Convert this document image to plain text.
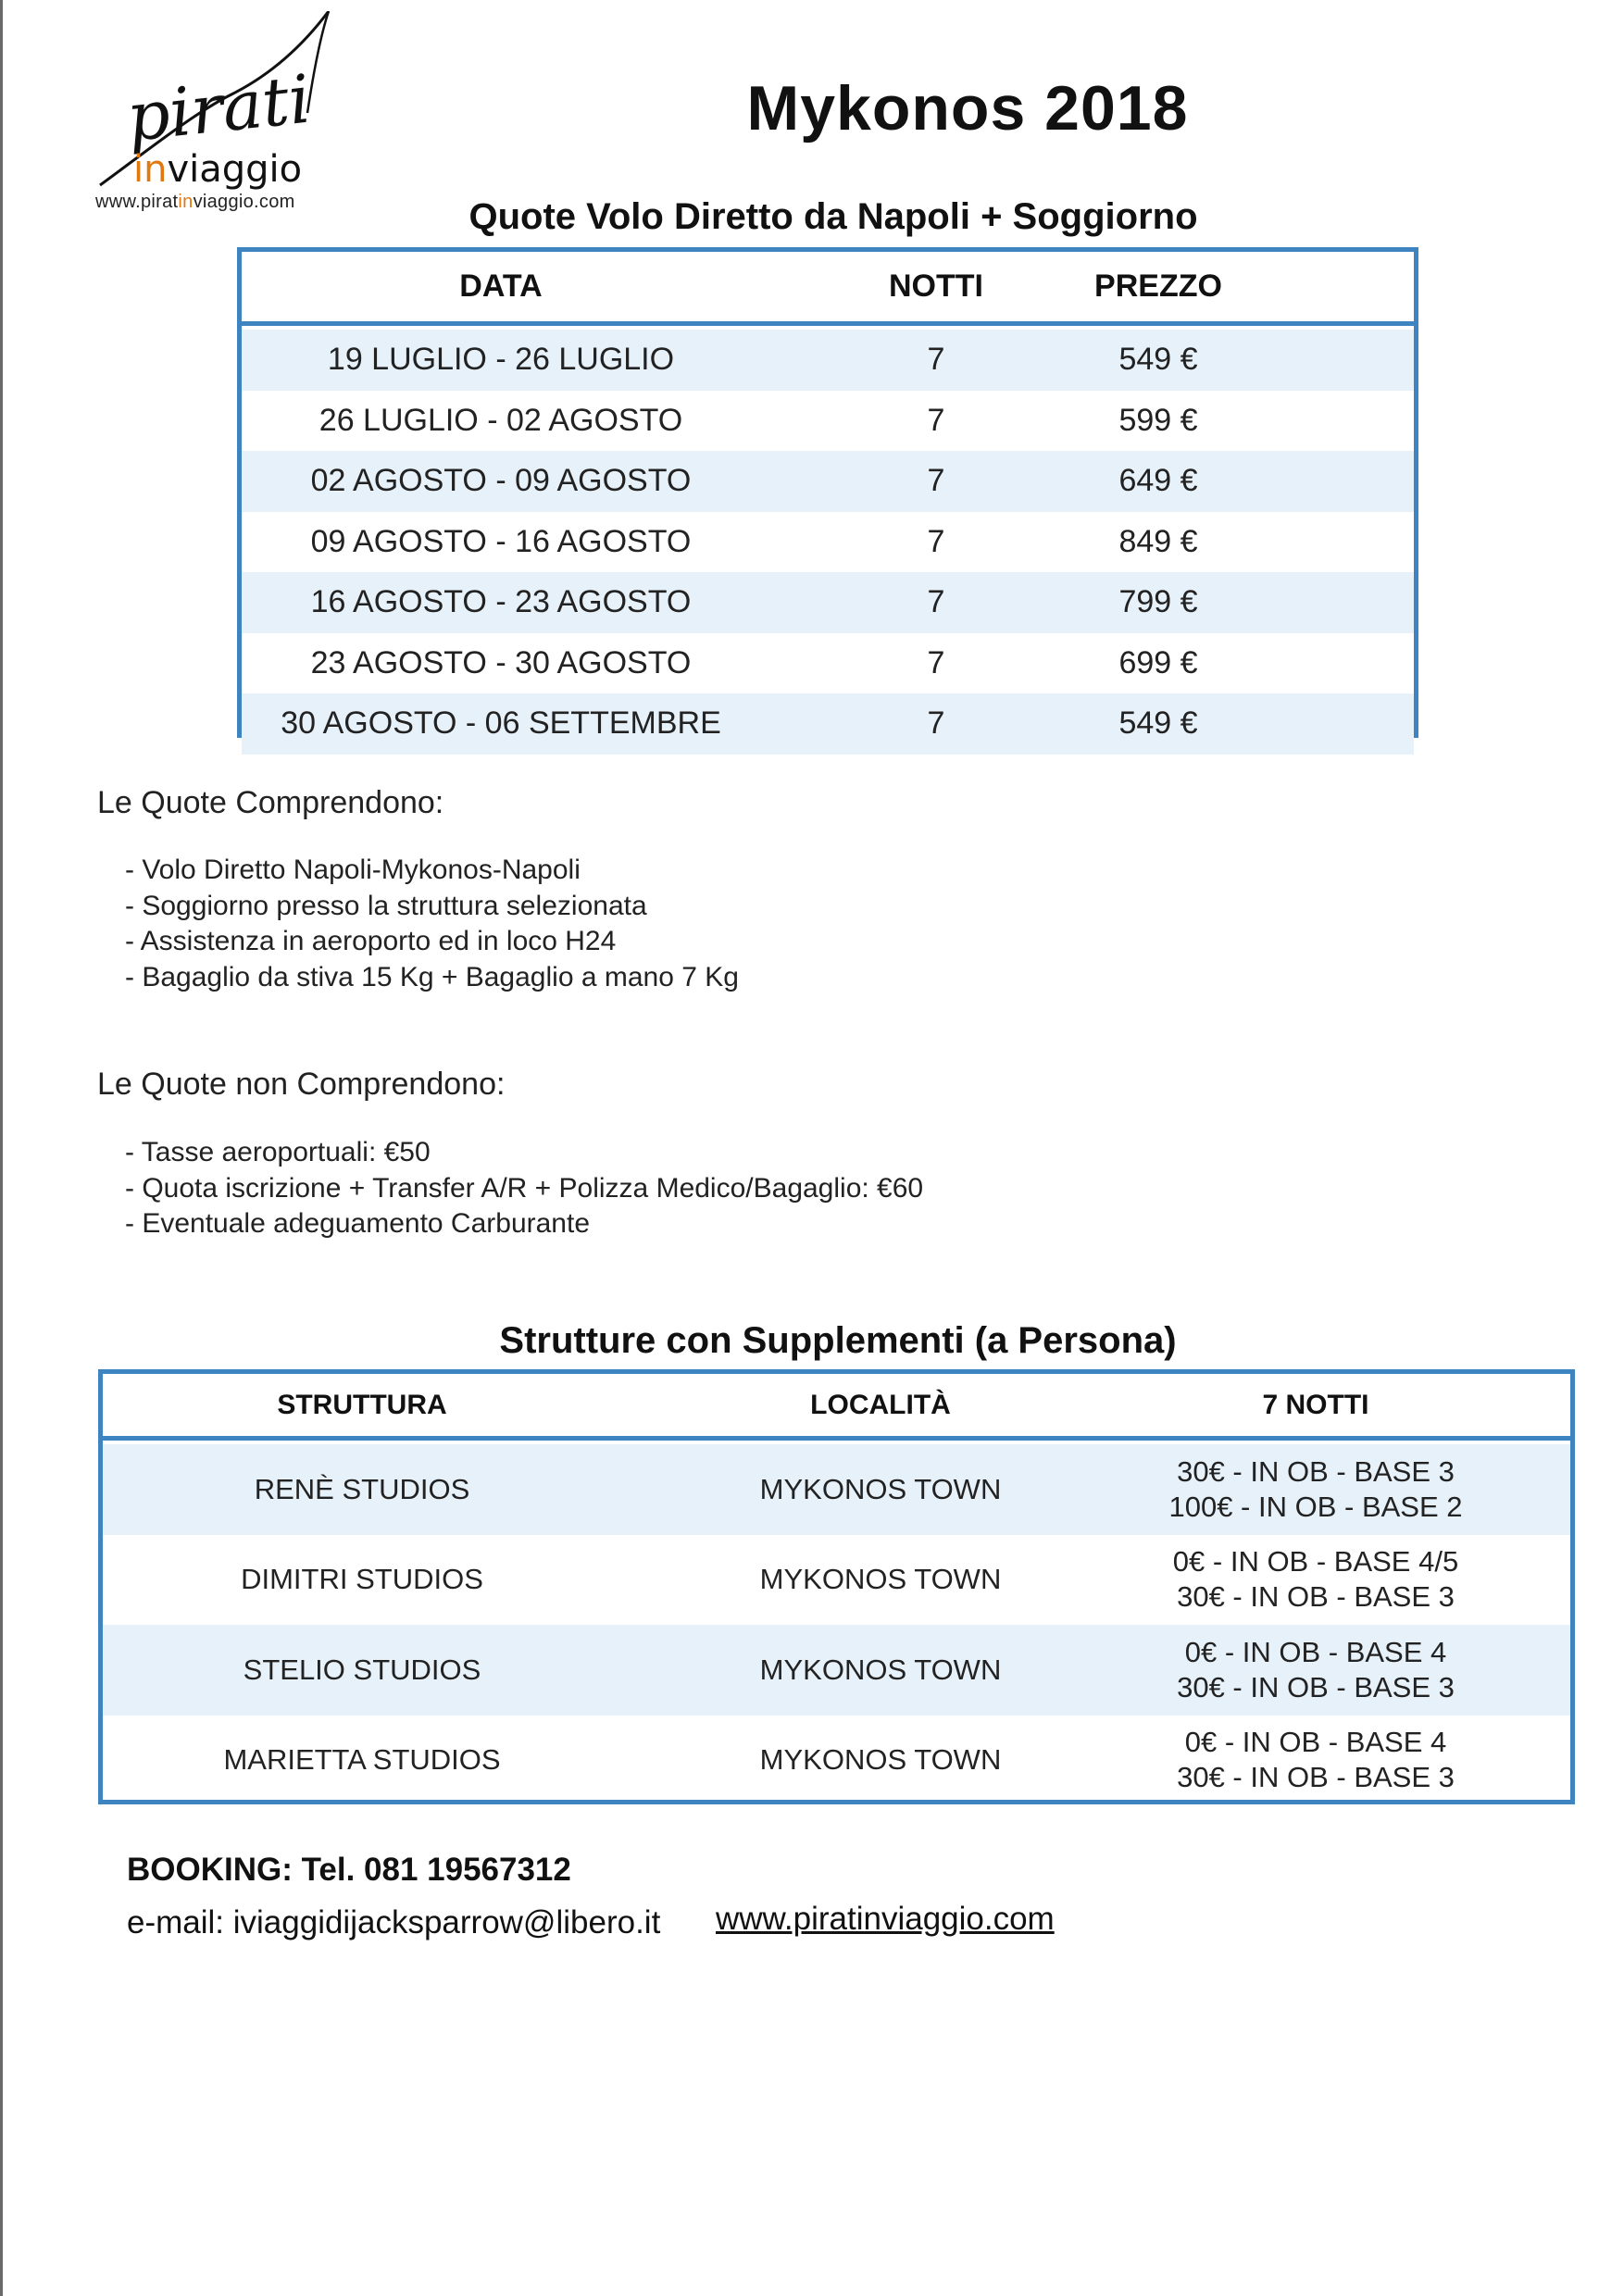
pirati
inviaggio
www.piratinviaggio.com
Mykonos 2018
Quote Volo Diretto da Napoli + Soggiorno
DATA	NOTTI	PREZZO
19 LUGLIO - 26 LUGLIO	7	549 €
26 LUGLIO - 02 AGOSTO	7	599 €
02 AGOSTO - 09 AGOSTO	7	649 €
09 AGOSTO - 16 AGOSTO	7	849 €
16 AGOSTO - 23 AGOSTO	7	799 €
23 AGOSTO - 30 AGOSTO	7	699 €
30 AGOSTO - 06 SETTEMBRE	7	549 €
Le Quote Comprendono:
- Volo Diretto Napoli-Mykonos-Napoli
- Soggiorno presso la struttura selezionata
- Assistenza in aeroporto ed in loco H24
- Bagaglio da stiva 15 Kg + Bagaglio a mano 7 Kg
Le Quote non Comprendono:
- Tasse aeroportuali: €50
- Quota iscrizione + Transfer A/R + Polizza Medico/Bagaglio: €60
- Eventuale adeguamento Carburante
Strutture con Supplementi (a Persona)
STRUTTURA	LOCALITÀ	7 NOTTI
RENÈ STUDIOS	MYKONOS TOWN
30€ - IN OB - BASE 3
100€ - IN OB - BASE 2
DIMITRI STUDIOS	MYKONOS TOWN
0€ - IN OB - BASE 4/5
30€ - IN OB - BASE 3
STELIO STUDIOS	MYKONOS TOWN
0€ - IN OB - BASE 4
30€ - IN OB - BASE 3
MARIETTA STUDIOS	MYKONOS TOWN
0€ - IN OB - BASE 4
30€ - IN OB - BASE 3
BOOKING: Tel. 081 19567312
e-mail: iviaggidijacksparrow@libero.it www.piratinviaggio.com
